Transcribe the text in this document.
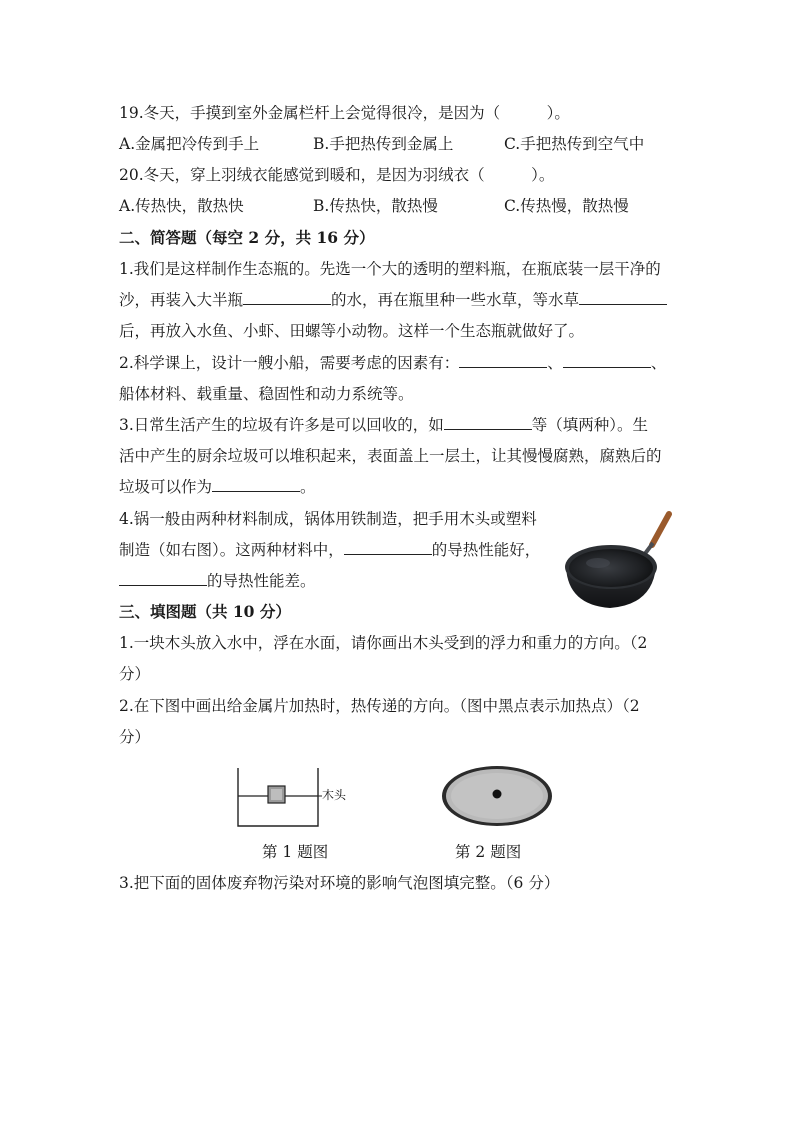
19.冬天，手摸到室外金属栏杆上会觉得很冷，是因为（　　　）。
A.金属把冷传到手上	B.手把热传到金属上	C.手把热传到空气中
20.冬天，穿上羽绒衣能感觉到暖和，是因为羽绒衣（　　　）。
A.传热快，散热快	B.传热快，散热慢	C.传热慢，散热慢
二、简答题（每空 2 分，共 16 分）
1.我们是这样制作生态瓶的。先选一个大的透明的塑料瓶，在瓶底装一层干净的
沙，再装入大半瓶	的水，再在瓶里种一些水草，等水草
后，再放入水鱼、小虾、田螺等小动物。这样一个生态瓶就做好了。
2.科学课上，设计一艘小船，需要考虑的因素有：	、	、
船体材料、载重量、稳固性和动力系统等。
3.日常生活产生的垃圾有许多是可以回收的，如	等（填两种）。生
活中产生的厨余垃圾可以堆积起来，表面盖上一层土，让其慢慢腐熟，腐熟后的
垃圾可以作为	。
4.锅一般由两种材料制成，锅体用铁制造，把手用木头或塑料
制造（如右图）。这两种材料中，	的导热性能好，
的导热性能差。
三、填图题（共 10 分）
1.一块木头放入水中，浮在水面，请你画出木头受到的浮力和重力的方向。（2
分）
2.在下图中画出给金属片加热时，热传递的方向。（图中黑点表示加热点）（2
分）
木头
第 1 题图	第 2 题图
3.把下面的固体废弃物污染对环境的影响气泡图填完整。（6 分）
